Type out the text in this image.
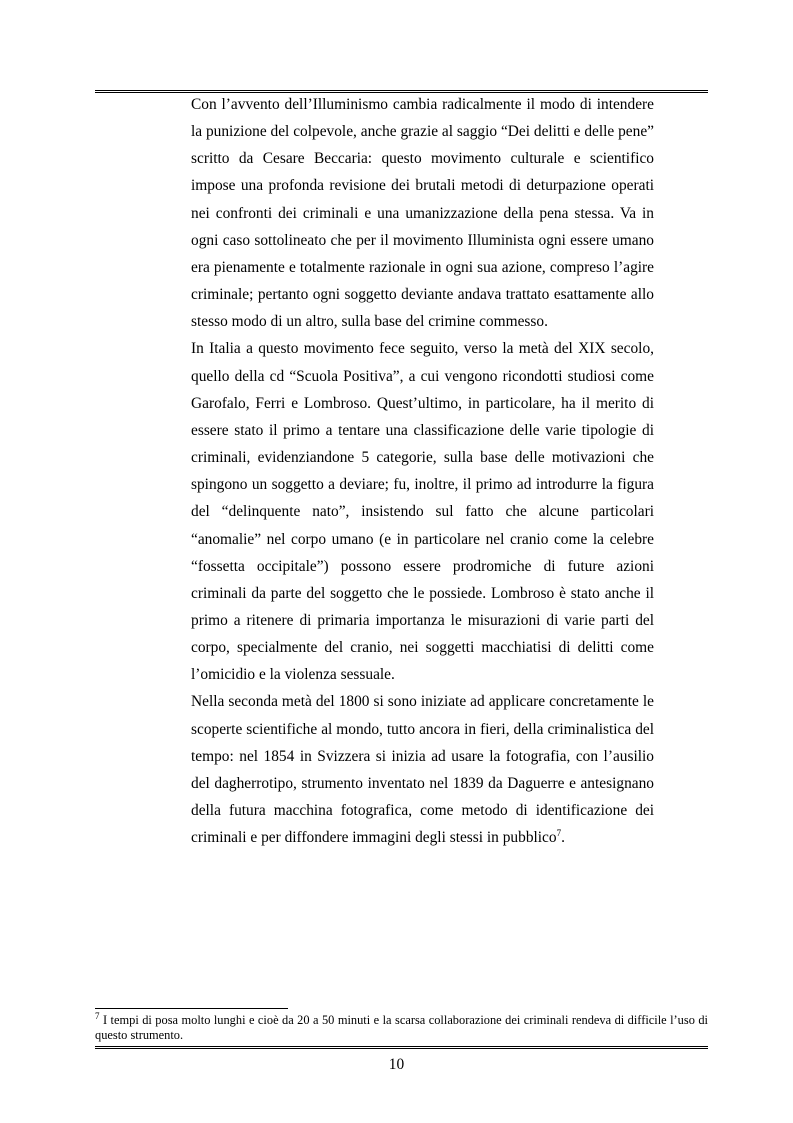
Con l’avvento dell’Illuminismo cambia radicalmente il modo di intendere la punizione del colpevole, anche grazie al saggio “Dei delitti e delle pene” scritto da Cesare Beccaria: questo movimento culturale e scientifico impose una profonda revisione dei brutali metodi di deturpazione operati nei confronti dei criminali e una umanizzazione della pena stessa. Va in ogni caso sottolineato che per il movimento Illuminista ogni essere umano era pienamente e totalmente razionale in ogni sua azione, compreso l’agire criminale; pertanto ogni soggetto deviante andava trattato esattamente allo stesso modo di un altro, sulla base del crimine commesso.

In Italia a questo movimento fece seguito, verso la metà del XIX secolo, quello della cd “Scuola Positiva”, a cui vengono ricondotti studiosi come Garofalo, Ferri e Lombroso. Quest’ultimo, in particolare, ha il merito di essere stato il primo a tentare una classificazione delle varie tipologie di criminali, evidenziandone 5 categorie, sulla base delle motivazioni che spingono un soggetto a deviare; fu, inoltre, il primo ad introdurre la figura del “delinquente nato”, insistendo sul fatto che alcune particolari “anomalie” nel corpo umano (e in particolare nel cranio come la celebre “fossetta occipitale”) possono essere prodromiche di future azioni criminali da parte del soggetto che le possiede. Lombroso è stato anche il primo a ritenere di primaria importanza le misurazioni di varie parti del corpo, specialmente del cranio, nei soggetti macchiatisi di delitti come l’omicidio e la violenza sessuale.

Nella seconda metà del 1800 si sono iniziate ad applicare concretamente le scoperte scientifiche al mondo, tutto ancora in fieri, della criminalistica del tempo: nel 1854 in Svizzera si inizia ad usare la fotografia, con l’ausilio del dagherrotipo, strumento inventato nel 1839 da Daguerre e antesignano della futura macchina fotografica, come metodo di identificazione dei criminali e per diffondere immagini degli stessi in pubblico$^7$.

$^7$ I tempi di posa molto lunghi e cioè da 20 a 50 minuti e la scarsa collaborazione dei criminali rendeva di difficile l’uso di questo strumento.
10
